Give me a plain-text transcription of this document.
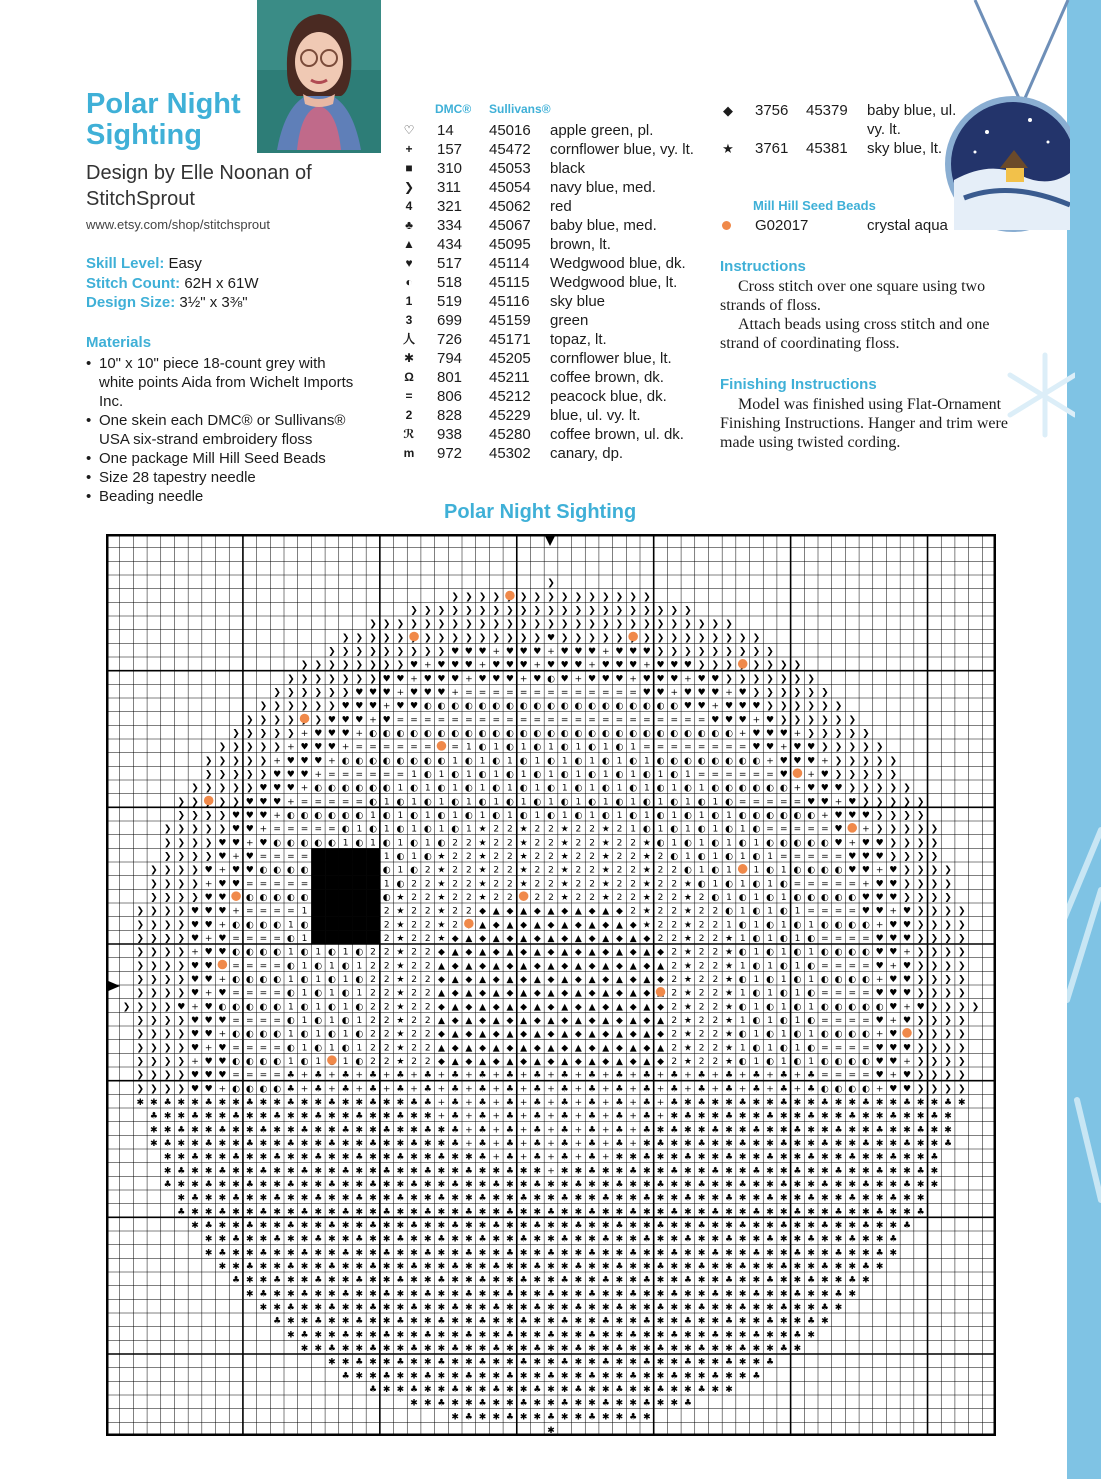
Polar Night Sighting
Design by Elle Noonan of StitchSprout
www.etsy.com/shop/stitchsprout
Skill Level: Easy
Stitch Count: 62H x 61W
Design Size: 3½" x 3⅜"
Materials
• 10" x 10" piece 18-count grey with white points Aida from Wichelt Imports Inc.
• One skein each DMC® or Sullivans® USA six-strand embroidery floss
• One package Mill Hill Seed Beads
• Size 28 tapestry needle
• Beading needle
DMC® Sullivans®
♡	14 45016 apple green, pl.
+	157 45472 cornflower blue, vy. lt.
■	310 45053 black
❯	311 45054 navy blue, med.
4	321 45062 red
♣	334 45067 baby blue, med.
▲	434 45095 brown, lt.
♥	517 45114 Wedgwood blue, dk.
◐	518 45115 Wedgwood blue, lt.
1	519 45116 sky blue
3	699 45159 green
人	726 45171 topaz, lt.
✱	794 45205 cornflower blue, lt.
Ω	801 45211 coffee brown, dk.
=	806 45212 peacock blue, dk.
2	828 45229 blue, ul. vy. lt.
ℛ	938 45280 coffee brown, ul. dk.
m	972 45302 canary, dp.
◆	3756 45379 baby blue, ul. vy. lt.
★ 3761 45381 sky blue, lt.
Mill Hill Seed Beads
G02017	crystal aqua
Instructions

Cross stitch over one square using two strands of floss.

Attach beads using cross stitch and one strand of coordinating floss.

Finishing Instructions

Model was finished using Flat-Ornament Finishing Instructions. Hanger and trim were made using twisted cording.

Polar Night Sighting
❯
❯ ❯ ❯ ❯ ❯ ❯ ❯ ❯ ❯ ❯ ❯ ❯ ❯ ❯
❯ ❯ ❯ ❯ ❯ ❯ ❯ ❯ ❯ ❯ ❯ ❯ ❯ ❯ ❯ ❯ ❯ ❯ ❯ ❯ ❯
❯ ❯ ❯ ❯ ❯ ❯ ❯ ❯ ❯ ❯ ❯ ❯ ❯ ❯ ❯ ❯ ❯ ❯ ❯ ❯ ❯ ❯ ❯ ❯ ❯ ❯ ❯
❯ ❯ ❯ ❯ ❯ ❯ ❯ ❯ ❯ ❯ ❯ ❯ ❯ ❯ ♥ ❯ ❯ ❯ ❯ ❯ ❯ ❯ ❯ ❯ ❯ ❯ ❯ ❯ ❯
❯ ❯ ❯ ❯ ❯ ❯ ❯ ❯ ❯ ♥ ♥ ♥ + ♥ ♥ ♥ + ♥ ♥ ♥ + ♥ ♥ ♥ ❯ ❯ ❯ ❯ ❯ ❯ ❯ ❯ ❯
❯ ❯ ❯ ❯ ❯ ❯ ❯ ❯ ♥ + ♥ ♥ ♥ + ♥ ♥ ♥ + ♥ ♥ ♥ + ♥ ♥ ♥ + ♥ ♥ ♥ ❯ ❯ ❯ ❯ ❯ ❯ ❯
❯ ❯ ❯ ❯ ❯ ❯ ❯ ♥ ♥ + ♥ ♥ ♥ + ♥ ♥ ♥ + ♥ ◐ ♥ + ♥ ♥ ♥ + ♥ ♥ ♥ + ♥ ♥ ❯ ❯ ❯ ❯ ❯ ❯ ❯
❯ ❯ ❯ ❯ ❯ ❯ ♥ ♥ ♥ + ♥ ♥ ♥ + = = = = = = = = = = = = = ♥ ♥ + ♥ ♥ ♥ + ♥ ❯ ❯ ❯ ❯ ❯ ❯
❯ ❯ ❯ ❯ ❯ ❯ ♥ ♥ ♥ + ♥ ♥ ◐ ◐ ◐ ◐ ◐ ◐ ◐ ◐ ◐ ◐ ◐ ◐ ◐ ◐ ◐ ◐ ◐ ◐ ◐ ♥ ♥ + ♥ ♥ ♥ ❯ ❯ ❯ ❯ ❯ ❯
❯ ❯ ❯ ❯ ❯ ♥ ♥ ♥ + ♥ = = = = = = = = = = = = = = = = = = = = = = = ♥ ♥ ♥ + ♥ ❯ ❯ ❯ ❯ ❯ ❯
❯ ❯ ❯ ❯ ❯ + ♥ ♥ ♥ + ◐ ◐ ◐ ◐ ◐ ◐ ◐ ◐ ◐ ◐ ◐ ◐ ◐ ◐ ◐ ◐ ◐ ◐ ◐ ◐ ◐ ◐ ◐ ◐ ◐ ◐ ◐ + ♥ ♥ ♥ + ❯ ❯ ❯ ❯ ❯
❯ ❯ ❯ ❯ ❯ + ♥ ♥ ♥ + = = = = = = = 1 ◐ 1 ◐ 1 ◐ 1 ◐ 1 ◐ 1 ◐ 1 = = = = = = = = ♥ ♥ + ♥ ♥ ❯ ❯ ❯ ❯ ❯
❯ ❯ ❯ ❯ ❯ + ♥ ♥ ♥ + ◐ ◐ ◐ ◐ ◐ ◐ ◐ ◐ 1 ◐ 1 ◐ 1 ◐ 1 ◐ 1 ◐ 1 ◐ 1 ◐ 1 ◐ ◐ ◐ ◐ ◐ ◐ ◐ ◐ + ♥ ♥ ♥ + ❯ ❯ ❯ ❯ ❯
❯ ❯ ❯ ❯ ❯ ♥ ♥ ♥ + = = = = = = 1 ◐ 1 ◐ 1 ◐ 1 ◐ 1 ◐ 1 ◐ 1 ◐ 1 ◐ 1 ◐ 1 ◐ 1 = = = = = = ♥ + ♥ ❯ ❯ ❯ ❯ ❯
❯ ❯ ❯ ❯ ❯ ♥ ♥ ♥ + ◐ ◐ ◐ ◐ ◐ ◐ 1 ◐ 1 ◐ 1 ◐ 1 ◐ 1 ◐ 1 ◐ 1 ◐ 1 ◐ 1 ◐ 1 ◐ 1 ◐ 1 ◐ ◐ ◐ ◐ ◐ ◐ + ♥ ♥ ♥ ❯ ❯ ❯ ❯ ❯
❯ ❯ ❯ ❯ ♥ ♥ ♥ + = = = = = ◐ 1 ◐ 1 ◐ 1 ◐ 1 ◐ 1 ◐ 1 ◐ 1 ◐ 1 ◐ 1 ◐ 1 ◐ 1 ◐ 1 ◐ 1 ◐ = = = = = ♥ ♥ + ♥ ❯ ❯ ❯ ❯ ❯
❯ ❯ ❯ ❯ ♥ ♥ ♥ + ◐ ◐ ◐ ◐ ◐ ◐ 1 ◐ 1 ◐ 1 ◐ 1 ◐ 1 ◐ 1 ◐ 1 ◐ 1 ◐ 1 ◐ 1 ◐ 1 ◐ 1 ◐ 1 ◐ 1 ◐ ◐ ◐ ◐ ◐ ◐ + ♥ ♥ ♥ ❯ ❯ ❯ ❯
❯ ❯ ❯ ❯ ❯ ♥ ♥ + = = = = = ◐ 1 ◐ 1 ◐ 1 ◐ 1 ◐ 1 ★ 2 2 ★ 2 2 ★ 2 2 ★ 2 1 ◐ 1 ◐ 1 ◐ 1 ◐ 1 ◐ = = = = = ♥ + ❯ ❯ ❯ ❯ ❯
❯ ❯ ❯ ❯ ♥ ♥ + ♥ ◐ ◐ ◐ ◐ ◐ 1 ◐ 1 ◐ 1 ◐ 1 ◐ 2 2 ★ 2 2 ★ 2 2 ★ 2 2 ★ 2 2 ★ ◐ 1 ◐ 1 ◐ 1 ◐ 1 ◐ ◐ ◐ ◐ ◐ ♥ + ♥ ♥ ❯ ❯ ❯ ❯
❯ ❯ ❯ ❯ ♥ + ♥ = = = =	1 ◐ 1 ◐ ★ 2 2 ★ 2 2 ★ 2 2 ★ 2 2 ★ 2 2 ★ 2 ◐ 1 ◐ 1 ◐ 1 ◐ 1 = = = = = ♥ ♥ ♥ ❯ ❯ ❯ ❯
❯ ❯ ❯ ❯ ♥ + ♥ ♥ ◐ ◐ ◐ ◐	◐ 1 ◐ 2 ★ 2 2 ★ 2 2 ★ 2 2 ★ 2 2 ★ 2 2 ★ 2 2 ◐ 1 ◐ 1 1 ◐ 1 ◐ ◐ ◐ ◐ ♥ ♥ + ♥ ❯ ❯ ❯ ❯
❯ ❯ ❯ ❯ + ♥ ♥ = = = = =	1 ◐ 2 2 ★ 2 2 ★ 2 2 ★ 2 2 ★ 2 2 ★ 2 2 ★ 2 2 ★ ◐ 1 ◐ 1 ◐ 1 ◐ = = = = = + ♥ ♥ ❯ ❯ ❯ ❯
❯ ❯ ❯ ❯ ♥ ♥ ◐ ◐ ◐ ◐ ◐	◐ ★ 2 2 ★ 2 2 ★ 2 2 2 2 ★ 2 2 ★ 2 2 ★ 2 2 ★ 2 ◐ 1 ◐ 1 ◐ 1 ◐ ◐ ◐ ◐ ◐ ♥ ♥ ♥ ❯ ❯ ❯ ❯
❯ ❯ ❯ ❯ ♥ ♥ ♥ + = = = = 1	2 ★ 2 2 ★ 2 2 ◆ ▲ ◆ ▲ ◆ ▲ ◆ ▲ ◆ ▲ ◆ 2 ★ 2 2 ★ 2 2 ◐ 1 ◐ 1 ◐ 1 = = = = ♥ ♥ + ♥ ❯ ❯ ❯ ❯
❯ ❯ ❯ ❯ ♥ ♥ + ◐ ◐ ◐ ◐ 1 ◐	2 ★ 2 2 ★ 2 ▲ ◆ ▲ ◆ ▲ ◆ ▲ ◆ ▲ ◆ ▲ ◆ ★ 2 2 ★ 2 2 1 ◐ 1 ◐ 1 ◐ 1 ◐ ◐ ◐ ◐ + ♥ ♥ ❯ ❯ ❯ ❯
❯ ❯ ❯ ❯ ♥ + ♥ = = = = ◐ 1	2 ★ 2 2 ★ ◆ ▲ ◆ ▲ ◆ ▲ ◆ ▲ ◆ ▲ ◆ ▲ ◆ ▲ ◆ 2 2 ★ 2 2 ★ 1 ◐ 1 ◐ 1 ◐ = = = = ♥ ♥ ♥ ❯ ❯ ❯ ❯
❯ ❯ ❯ ❯ + ♥ ♥ ◐ ◐ ◐ ◐ 1 ◐ 1 ◐ 1 ◐ 2 2 ★ 2 2 ◆ ▲ ◆ ▲ ◆ ▲ ◆ ▲ ◆ ▲ ◆ ▲ ◆ ▲ ◆ ▲ ◆ 2 ★ 2 2 ★ ◐ 1 ◐ 1 ◐ 1 ◐ ◐ ◐ ◐ ♥ ♥ + ❯ ❯ ❯ ❯
❯ ❯ ❯ ❯ ♥ ♥ = = = = ◐ 1 ◐ 1 ◐ 1 2 2 ★ 2 2 ▲ ◆ ▲ ◆ ▲ ◆ ▲ ◆ ▲ ◆ ▲ ◆ ▲ ◆ ▲ ◆ ▲ 2 ★ 2 2 ★ 1 ◐ 1 ◐ 1 ◐ = = = = ♥ + ♥ ❯ ❯ ❯ ❯
❯ ❯ ❯ ❯ ♥ ♥ + ◐ ◐ ◐ ◐ 1 ◐ 1 ◐ 1 ◐ 2 2 ★ 2 2 ◆ ▲ ◆ ▲ ◆ ▲ ◆ ▲ ◆ ▲ ◆ ▲ ◆ ▲ ◆ ▲ ◆ 2 ★ 2 2 ★ ◐ 1 ◐ 1 ◐ 1 ◐ ◐ ◐ ◐ + ♥ ♥ ❯ ❯ ❯ ❯
❯ ❯ ❯ ❯ ♥ + ♥ = = = = ◐ 1 ◐ 1 ◐ 1 2 2 ★ 2 2 ▲ ◆ ▲ ◆ ▲ ◆ ▲ ◆ ▲ ◆ ▲ ◆ ▲ ◆ ▲ ◆ 2 ★ 2 2 ★ 1 ◐ 1 ◐ 1 ◐ = = = = ♥ ♥ ♥ ❯ ❯ ❯ ❯
❯ ❯ ❯ ❯ ♥ + ♥ ◐ ◐ ◐ ◐ ◐ 1 ◐ 1 ◐ 1 ◐ 2 2 ★ 2 2 ◆ ▲ ◆ ▲ ◆ ▲ ◆ ▲ ◆ ▲ ◆ ▲ ◆ ▲ ◆ ▲ ◆ 2 ★ 2 2 ★ ◐ 1 ◐ 1 ◐ 1 ◐ ◐ ◐ ◐ ◐ ♥ + ♥ ❯ ❯ ❯ ❯
❯ ❯ ❯ ❯ ♥ ♥ ♥ = = = = ◐ 1 ◐ 1 ◐ 1 2 2 ★ 2 2 ▲ ◆ ▲ ◆ ▲ ◆ ▲ ◆ ▲ ◆ ▲ ◆ ▲ ◆ ▲ ◆ ▲ 2 ★ 2 2 ★ 1 ◐ 1 ◐ 1 ◐ = = = = ♥ + ♥ ❯ ❯ ❯ ❯
❯ ❯ ❯ ❯ ♥ ♥ + ◐ ◐ ◐ ◐ 1 ◐ 1 ◐ 1 ◐ 2 2 ★ 2 2 ◆ ▲ ◆ ▲ ◆ ▲ ◆ ▲ ◆ ▲ ◆ ▲ ◆ ▲ ◆ ▲ ◆ 2 ★ 2 2 ★ ◐ 1 ◐ 1 ◐ 1 ◐ ◐ ◐ ◐ + ♥ ❯ ❯ ❯ ❯
❯ ❯ ❯ ❯ ♥ + ♥ = = = = ◐ 1 ◐ 1 ◐ 1 2 2 ★ 2 2 ▲ ◆ ▲ ◆ ▲ ◆ ▲ ◆ ▲ ◆ ▲ ◆ ▲ ◆ ▲ ◆ ▲ 2 ★ 2 2 ★ 1 ◐ 1 ◐ 1 ◐ = = = = ♥ ♥ ♥ ❯ ❯ ❯ ❯
❯ ❯ ❯ ❯ + ♥ ♥ ◐ ◐ ◐ ◐ 1 ◐ 1 1 ◐ 2 2 ★ 2 2 ◆ ▲ ◆ ▲ ◆ ▲ ◆ ▲ ◆ ▲ ◆ ▲ ◆ ▲ ◆ ▲ ◆ 2 ★ 2 2 ★ ◐ 1 ◐ 1 ◐ 1 ◐ ◐ ◐ ◐ ♥ ♥ + ❯ ❯ ❯ ❯
❯ ❯ ❯ ❯ ♥ ♥ ♥ = = = = ♣ + ♣ + ♣ + ♣ + ♣ + ♣ + ♣ + ♣ + ♣ + ♣ + ♣ + ♣ + ♣ + ♣ + ♣ + ♣ + ♣ + ♣ + ♣ + ♣ = = = = ♥ + ♥ ❯ ❯ ❯ ❯
❯ ❯ ❯ ❯ ♥ ♥ + ◐ ◐ ◐ ◐ ♣ + ♣ + ♣ + ♣ + ♣ + ♣ + ♣ + ♣ + ♣ + ♣ + ♣ + ♣ + ♣ + ♣ + ♣ + ♣ + ♣ + ♣ + ♣ + ♣ ◐ ◐ ◐ ◐ + ♥ ♥ ❯ ❯ ❯ ❯
✱ ✱ ♣ ✱ ✱ ♣ ✱ ✱ ♣ ✱ ✱ ♣ ✱ ✱ ♣ ✱ ✱ ♣ ✱ ✱ ♣ ♣ + ♣ + ♣ + ♣ + ♣ + ♣ + ♣ + ♣ + ♣ + ♣ ✱ ♣ ✱ ✱ ♣ ✱ ✱ ♣ ✱ ✱ ♣ ✱ ✱ ♣ ✱ ✱ ♣ ✱ ✱ ♣ ✱
♣ ✱ ✱ ♣ ✱ ✱ ♣ ✱ ✱ ♣ ✱ ✱ ♣ ✱ ✱ ♣ ✱ ✱ ♣ ✱ ✱ + ♣ + ♣ + ♣ + ♣ + ♣ + ♣ + ♣ + ♣ + ✱ ♣ ✱ ✱ ♣ ✱ ✱ ♣ ✱ ✱ ♣ ✱ ✱ ♣ ✱ ✱ ♣ ✱ ✱ ♣ ✱
✱ ✱ ♣ ✱ ✱ ♣ ✱ ✱ ♣ ✱ ✱ ♣ ✱ ✱ ♣ ✱ ✱ ♣ ✱ ✱ ♣ ✱ ♣ + ♣ + ♣ + ♣ + ♣ + ♣ + ♣ + ♣ ✱ ♣ ✱ ✱ ♣ ✱ ✱ ♣ ✱ ✱ ♣ ✱ ✱ ♣ ✱ ✱ ♣ ✱ ✱ ♣ ✱ ✱
✱ ♣ ✱ ✱ ♣ ✱ ✱ ♣ ✱ ✱ ♣ ✱ ✱ ♣ ✱ ✱ ♣ ✱ ✱ ♣ ✱ ✱ ♣ + ♣ + ♣ + ♣ + ♣ + ♣ + ♣ + ✱ ♣ ✱ ✱ ♣ ✱ ✱ ♣ ✱ ✱ ♣ ✱ ✱ ♣ ✱ ✱ ♣ ✱ ✱ ♣ ✱ ✱ ♣
✱ ✱ ♣ ✱ ✱ ♣ ✱ ✱ ♣ ✱ ✱ ♣ ✱ ✱ ♣ ✱ ✱ ♣ ✱ ✱ ♣ ✱ ✱ ♣ + ♣ + ♣ + ♣ + ♣ + ✱ ✱ ♣ ✱ ✱ ♣ ✱ ✱ ♣ ✱ ✱ ♣ ✱ ✱ ♣ ✱ ✱ ♣ ✱ ✱ ♣ ✱ ✱ ♣
✱ ♣ ✱ ✱ ♣ ✱ ✱ ♣ ✱ ✱ ♣ ✱ ✱ ♣ ✱ ✱ ♣ ✱ ✱ ♣ ✱ ✱ ♣ ✱ ✱ ♣ ✱ ✱ + ✱ ✱ ♣ ✱ ✱ ♣ ✱ ✱ ♣ ✱ ✱ ♣ ✱ ✱ ♣ ✱ ✱ ♣ ✱ ✱ ♣ ✱ ✱ ♣ ✱ ✱ ♣ ✱
♣ ✱ ✱ ♣ ✱ ✱ ♣ ✱ ✱ ♣ ✱ ✱ ♣ ✱ ✱ ♣ ✱ ✱ ♣ ✱ ✱ ♣ ✱ ✱ ♣ ✱ ✱ ♣ ✱ ✱ ♣ ✱ ✱ ♣ ✱ ✱ ♣ ✱ ✱ ♣ ✱ ✱ ♣ ✱ ✱ ♣ ✱ ✱ ♣ ✱ ✱ ♣ ✱ ✱ ♣ ✱ ✱
✱ ♣ ✱ ✱ ♣ ✱ ✱ ♣ ✱ ✱ ♣ ✱ ✱ ♣ ✱ ✱ ♣ ✱ ✱ ♣ ✱ ✱ ♣ ✱ ✱ ♣ ✱ ✱ ♣ ✱ ✱ ♣ ✱ ✱ ♣ ✱ ✱ ♣ ✱ ✱ ♣ ✱ ✱ ♣ ✱ ✱ ♣ ✱ ✱ ♣ ✱ ✱ ♣ ✱ ✱
♣ ✱ ✱ ♣ ✱ ✱ ♣ ✱ ✱ ♣ ✱ ✱ ♣ ✱ ✱ ♣ ✱ ✱ ♣ ✱ ✱ ♣ ✱ ✱ ♣ ✱ ✱ ♣ ✱ ✱ ♣ ✱ ✱ ♣ ✱ ✱ ♣ ✱ ✱ ♣ ✱ ✱ ♣ ✱ ✱ ♣ ✱ ✱ ♣ ✱ ✱ ♣ ✱ ✱ ♣
✱ ♣ ✱ ✱ ♣ ✱ ✱ ♣ ✱ ✱ ♣ ✱ ✱ ♣ ✱ ✱ ♣ ✱ ✱ ♣ ✱ ✱ ♣ ✱ ✱ ♣ ✱ ✱ ♣ ✱ ✱ ♣ ✱ ✱ ♣ ✱ ✱ ♣ ✱ ✱ ♣ ✱ ✱ ♣ ✱ ✱ ♣ ✱ ✱ ♣ ✱ ✱ ♣
✱ ✱ ♣ ✱ ✱ ♣ ✱ ✱ ♣ ✱ ✱ ♣ ✱ ✱ ♣ ✱ ✱ ♣ ✱ ✱ ♣ ✱ ✱ ♣ ✱ ✱ ♣ ✱ ✱ ♣ ✱ ✱ ♣ ✱ ✱ ♣ ✱ ✱ ♣ ✱ ✱ ♣ ✱ ✱ ♣ ✱ ✱ ♣ ✱ ✱ ♣
✱ ♣ ✱ ✱ ♣ ✱ ✱ ♣ ✱ ✱ ♣ ✱ ✱ ♣ ✱ ✱ ♣ ✱ ✱ ♣ ✱ ✱ ♣ ✱ ✱ ♣ ✱ ✱ ♣ ✱ ✱ ♣ ✱ ✱ ♣ ✱ ✱ ♣ ✱ ✱ ♣ ✱ ✱ ♣ ✱ ✱ ♣ ✱ ✱ ♣ ✱
✱ ✱ ♣ ✱ ✱ ♣ ✱ ✱ ♣ ✱ ✱ ♣ ✱ ✱ ♣ ✱ ✱ ♣ ✱ ✱ ♣ ✱ ✱ ♣ ✱ ✱ ♣ ✱ ✱ ♣ ✱ ✱ ♣ ✱ ✱ ♣ ✱ ✱ ♣ ✱ ✱ ♣ ✱ ✱ ♣ ✱ ✱ ♣ ✱
♣ ✱ ✱ ♣ ✱ ✱ ♣ ✱ ✱ ♣ ✱ ✱ ♣ ✱ ✱ ♣ ✱ ✱ ♣ ✱ ✱ ♣ ✱ ✱ ♣ ✱ ✱ ♣ ✱ ✱ ♣ ✱ ✱ ♣ ✱ ✱ ♣ ✱ ✱ ♣ ✱ ✱ ♣ ✱ ✱ ♣ ✱
✱ ♣ ✱ ✱ ♣ ✱ ✱ ♣ ✱ ✱ ♣ ✱ ✱ ♣ ✱ ✱ ♣ ✱ ✱ ♣ ✱ ✱ ♣ ✱ ✱ ♣ ✱ ✱ ♣ ✱ ✱ ♣ ✱ ✱ ♣ ✱ ✱ ♣ ✱ ✱ ♣ ✱ ✱ ♣ ✱
✱ ✱ ♣ ✱ ✱ ♣ ✱ ✱ ♣ ✱ ✱ ♣ ✱ ✱ ♣ ✱ ✱ ♣ ✱ ✱ ♣ ✱ ✱ ♣ ✱ ✱ ♣ ✱ ✱ ♣ ✱ ✱ ♣ ✱ ✱ ♣ ✱ ✱ ♣ ✱ ✱ ♣ ✱
♣ ✱ ✱ ♣ ✱ ✱ ♣ ✱ ✱ ♣ ✱ ✱ ♣ ✱ ✱ ♣ ✱ ✱ ♣ ✱ ✱ ♣ ✱ ✱ ♣ ✱ ✱ ♣ ✱ ✱ ♣ ✱ ✱ ♣ ✱ ✱ ♣ ✱ ✱ ♣ ✱
✱ ♣ ✱ ✱ ♣ ✱ ✱ ♣ ✱ ✱ ♣ ✱ ✱ ♣ ✱ ✱ ♣ ✱ ✱ ♣ ✱ ✱ ♣ ✱ ✱ ♣ ✱ ✱ ♣ ✱ ✱ ♣ ✱ ✱ ♣ ✱ ✱ ♣ ✱
✱ ✱ ♣ ✱ ✱ ♣ ✱ ✱ ♣ ✱ ✱ ♣ ✱ ✱ ♣ ✱ ✱ ♣ ✱ ✱ ♣ ✱ ✱ ♣ ✱ ✱ ♣ ✱ ✱ ♣ ✱ ✱ ♣ ✱ ✱ ♣ ✱
✱ ✱ ♣ ✱ ✱ ♣ ✱ ✱ ♣ ✱ ✱ ♣ ✱ ✱ ♣ ✱ ✱ ♣ ✱ ✱ ♣ ✱ ✱ ♣ ✱ ✱ ♣ ✱ ✱ ♣ ✱ ✱ ♣
♣ ✱ ✱ ♣ ✱ ✱ ♣ ✱ ✱ ♣ ✱ ✱ ♣ ✱ ✱ ♣ ✱ ✱ ♣ ✱ ✱ ♣ ✱ ✱ ♣ ✱ ✱ ♣ ✱ ✱ ♣
♣ ✱ ✱ ♣ ✱ ✱ ♣ ✱ ✱ ♣ ✱ ✱ ♣ ✱ ✱ ♣ ✱ ✱ ♣ ✱ ✱ ♣ ✱ ✱ ♣ ✱ ✱
✱ ✱ ♣ ✱ ✱ ♣ ✱ ✱ ♣ ✱ ✱ ♣ ✱ ✱ ♣ ✱ ✱ ♣ ✱ ✱ ♣
✱ ♣ ✱ ✱ ♣ ✱ ✱ ♣ ✱ ✱ ♣ ✱ ✱ ♣ ✱
✱
